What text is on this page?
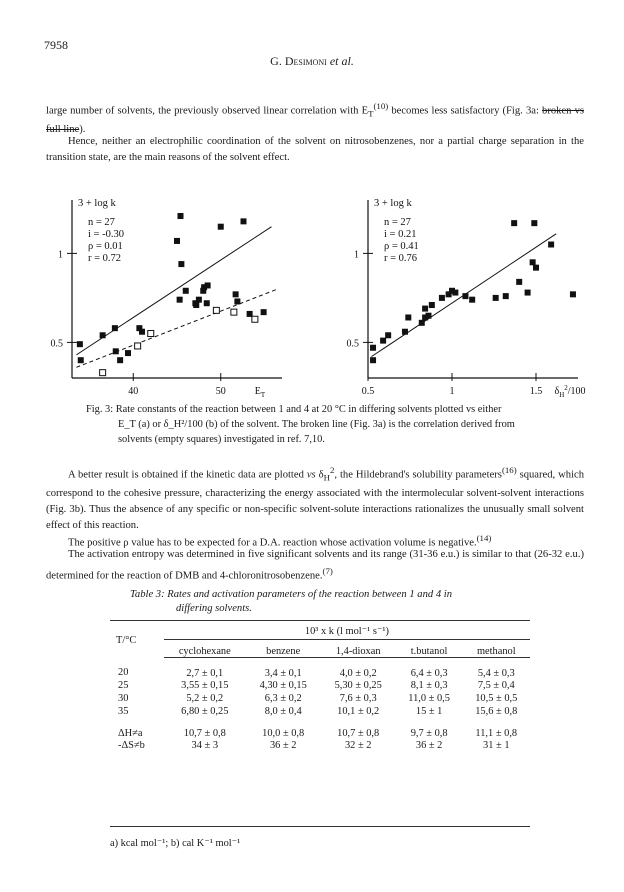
7958
G. Desimoni et al.
large number of solvents, the previously observed linear correlation with $E_T^{(10)}$ becomes less satisfactory (Fig. 3a: broken vs full line).
Hence, neither an electrophilic coordination of the solvent on nitrosobenzenes, nor a partial charge separation in the transition state, are the main reasons of the solvent effect.
0.5
1
40	50	$E_T$
3 + log k
n = 27
i = -0.30
ρ = 0.01
r = 0.72
0.5
1
0.5	1	1.5 $\delta_H^2/100$
3 + log k
n = 27
i = 0.21
ρ = 0.41
r = 0.76
Fig. 3: Rate constants of the reaction between 1 and 4 at 20 °C in differing solvents plotted vs either
E_T (a) or δ_H²/100 (b) of the solvent. The broken line (Fig. 3a) is the correlation derived from
solvents (empty squares) investigated in ref. 7,10.
A better result is obtained if the kinetic data are plotted vs $\delta_H^2$, the Hildebrand's solubility parameters$^{(16)}$ squared, which correspond to the cohesive pressure, characterizing the energy associated with the intermolecular solvent-solvent interactions (Fig. 3b). Thus the absence of any specific or non-specific solvent-solute interactions rationalizes the unusually small solvent effect of this reaction.
The positive ρ value has to be expected for a D.A. reaction whose activation volume is negative.$^{(14)}$
The activation entropy was determined in five significant solvents and its range (31-36 e.u.) is similar to that (26-32 e.u.) determined for the reaction of DMB and 4-chloronitrosobenzene.$^{(7)}$
Table 3: Rates and activation parameters of the reaction between 1 and 4 in
differing solvents.
T/°C	10³ x k (l mol⁻¹ s⁻¹)				
	cyclohexane	benzene	1,4-dioxan	t.butanol	methanol
20	2,7 ± 0,1	3,4 ± 0,1	4,0 ± 0,2	6,4 ± 0,3	5,4 ± 0,3
25	3,55 ± 0,15	4,30 ± 0,15	5,30 ± 0,25	8,1 ± 0,3	7,5 ± 0,4
30	5,2 ± 0,2	6,3 ± 0,2	7,6 ± 0,3	11,0 ± 0,5	10,5 ± 0,5
35	6,80 ± 0,25	8,0 ± 0,4	10,1 ± 0,2	15 ± 1	15,6 ± 0,8
ΔH≠a	10,7 ± 0,8	10,0 ± 0,8	10,7 ± 0,8	9,7 ± 0,8	11,1 ± 0,8
-ΔS≠b	34 ± 3	36 ± 2	32 ± 2	36 ± 2	31 ± 1
a) kcal mol⁻¹; b) cal K⁻¹ mol⁻¹
